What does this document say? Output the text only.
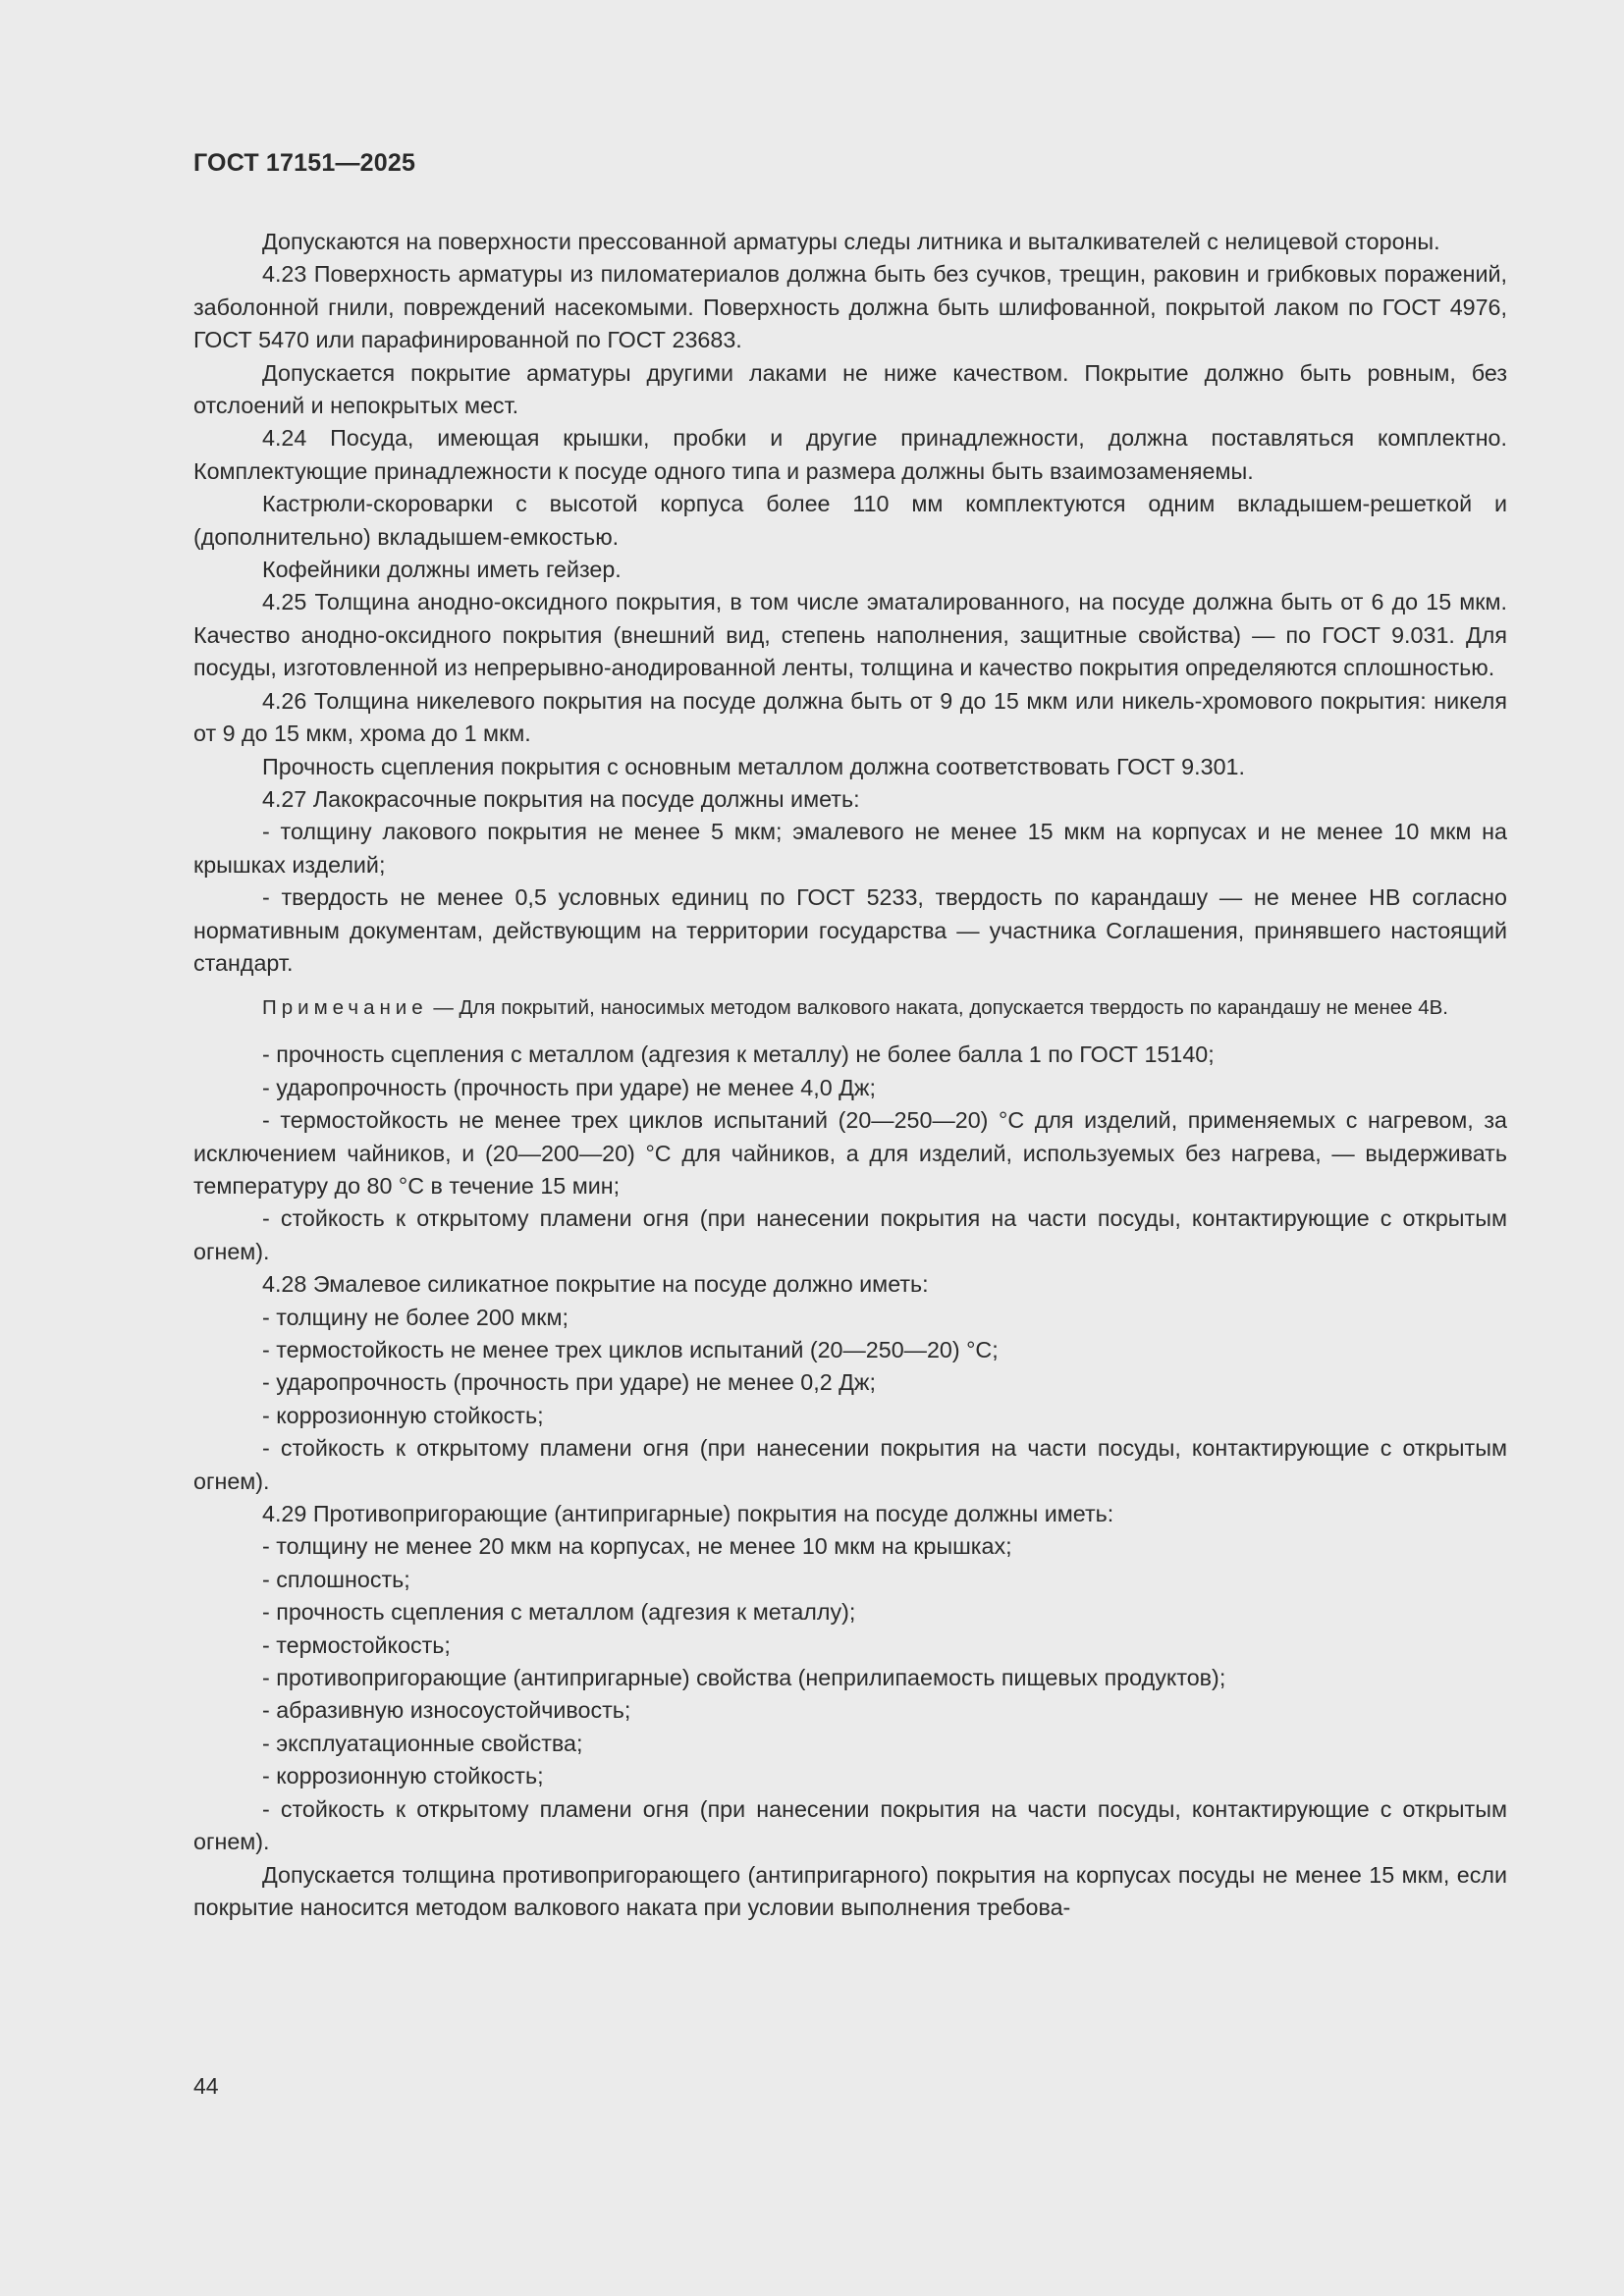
ГОСТ 17151—2025

Допускаются на поверхности прессованной арматуры следы литника и выталкивателей с нелицевой стороны.

4.23 Поверхность арматуры из пиломатериалов должна быть без сучков, трещин, раковин и грибковых поражений, заболонной гнили, повреждений насекомыми. Поверхность должна быть шлифованной, покрытой лаком по ГОСТ 4976, ГОСТ 5470 или парафинированной по ГОСТ 23683.

Допускается покрытие арматуры другими лаками не ниже качеством. Покрытие должно быть ровным, без отслоений и непокрытых мест.

4.24 Посуда, имеющая крышки, пробки и другие принадлежности, должна поставляться комплектно. Комплектующие принадлежности к посуде одного типа и размера должны быть взаимозаменяемы.

Кастрюли-скороварки с высотой корпуса более 110 мм комплектуются одним вкладышем-решеткой и (дополнительно) вкладышем-емкостью.

Кофейники должны иметь гейзер.

4.25 Толщина анодно-оксидного покрытия, в том числе эматалированного, на посуде должна быть от 6 до 15 мкм. Качество анодно-оксидного покрытия (внешний вид, степень наполнения, защитные свойства) — по ГОСТ 9.031. Для посуды, изготовленной из непрерывно-анодированной ленты, толщина и качество покрытия определяются сплошностью.

4.26 Толщина никелевого покрытия на посуде должна быть от 9 до 15 мкм или никель-хромового покрытия: никеля от 9 до 15 мкм, хрома до 1 мкм.

Прочность сцепления покрытия с основным металлом должна соответствовать ГОСТ 9.301.

4.27 Лакокрасочные покрытия на посуде должны иметь:

- толщину лакового покрытия не менее 5 мкм; эмалевого не менее 15 мкм на корпусах и не менее 10 мкм на крышках изделий;

- твердость не менее 0,5 условных единиц по ГОСТ 5233, твердость по карандашу — не менее НВ согласно нормативным документам, действующим на территории государства — участника Соглашения, принявшего настоящий стандарт.

Примечание — Для покрытий, наносимых методом валкового наката, допускается твердость по карандашу не менее 4В.

- прочность сцепления с металлом (адгезия к металлу) не более балла 1 по ГОСТ 15140;

- ударопрочность (прочность при ударе) не менее 4,0 Дж;

- термостойкость не менее трех циклов испытаний (20—250—20) °С для изделий, применяемых с нагревом, за исключением чайников, и (20—200—20) °С для чайников, а для изделий, используемых без нагрева, — выдерживать температуру до 80 °С в течение 15 мин;

- стойкость к открытому пламени огня (при нанесении покрытия на части посуды, контактирующие с открытым огнем).

4.28 Эмалевое силикатное покрытие на посуде должно иметь:

- толщину не более 200 мкм;

- термостойкость не менее трех циклов испытаний (20—250—20) °С;

- ударопрочность (прочность при ударе) не менее 0,2 Дж;

- коррозионную стойкость;

- стойкость к открытому пламени огня (при нанесении покрытия на части посуды, контактирующие с открытым огнем).

4.29 Противопригорающие (антипригарные) покрытия на посуде должны иметь:

- толщину не менее 20 мкм на корпусах, не менее 10 мкм на крышках;

- сплошность;

- прочность сцепления с металлом (адгезия к металлу);

- термостойкость;

- противопригорающие (антипригарные) свойства (неприлипаемость пищевых продуктов);

- абразивную износоустойчивость;

- эксплуатационные свойства;

- коррозионную стойкость;

- стойкость к открытому пламени огня (при нанесении покрытия на части посуды, контактирующие с открытым огнем).

Допускается толщина противопригорающего (антипригарного) покрытия на корпусах посуды не менее 15 мкм, если покрытие наносится методом валкового наката при условии выполнения требова-

44
